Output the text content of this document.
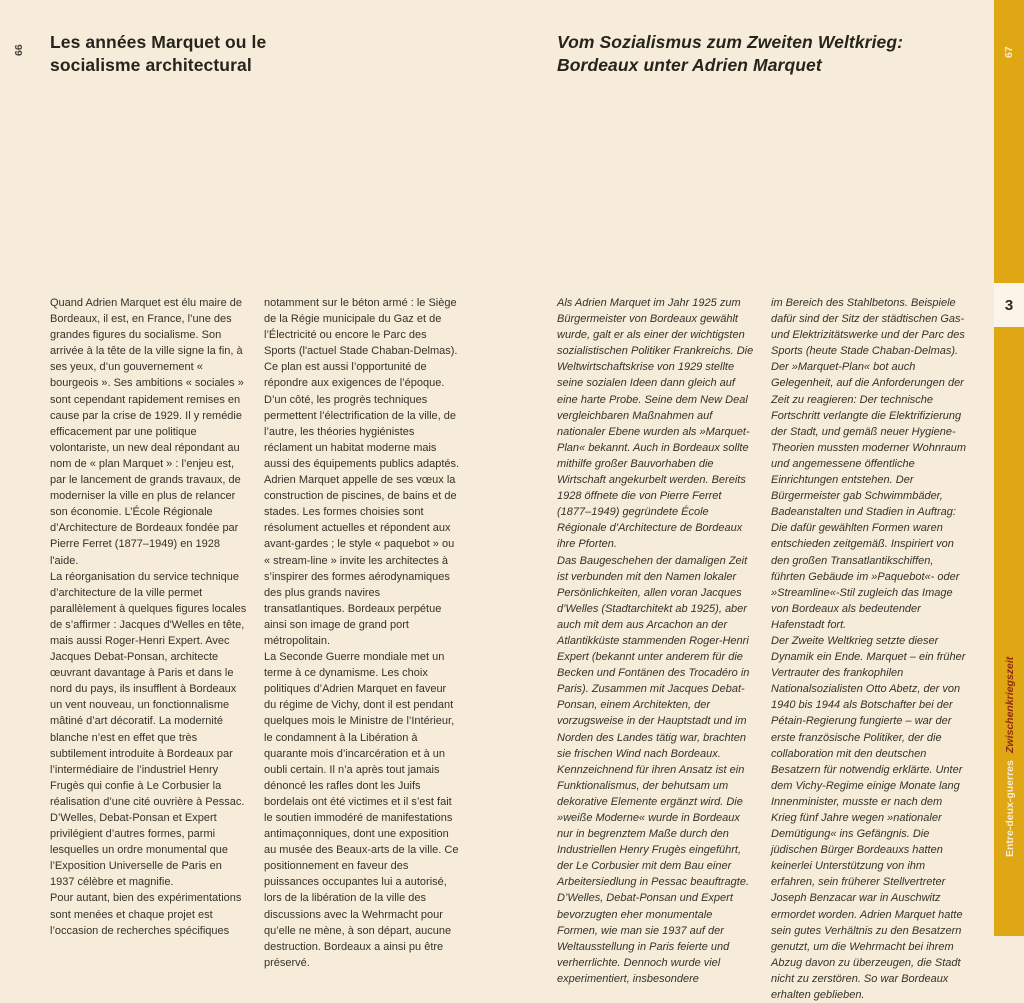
66 Les années Marquet ou le
socialisme architectural
Vom Sozialismus zum Zweiten Weltkrieg:
Bordeaux unter Adrien Marquet

Quand Adrien Marquet est élu maire de Bordeaux, il est, en France, l’une des grandes figures du socialisme. Son arrivée à la tête de la ville signe la fin, à ses yeux, d’un gouvernement « bourgeois ». Ses ambitions « sociales » sont cependant rapidement remises en cause par la crise de 1929. Il y remédie efficacement par une politique volontariste, un new deal répondant au nom de « plan Marquet » : l’enjeu est, par le lancement de grands travaux, de moderniser la ville en plus de relancer son économie. L’École Régionale d’Architecture de Bordeaux fondée par Pierre Ferret (1877–1949) en 1928 l'aide.

La réorganisation du service technique d’architecture de la ville permet parallèlement à quelques figures locales de s’affirmer : Jacques d'Welles en tête, mais aussi Roger-Henri Expert. Avec Jacques Debat-Ponsan, architecte œuvrant davantage à Paris et dans le nord du pays, ils insufflent à Bordeaux un vent nouveau, un fonctionnalisme mâtiné d’art décoratif. La modernité blanche n’est en effet que très subtilement introduite à Bordeaux par l’intermédiaire de l’industriel Henry Frugès qui confie à Le Corbusier la réalisation d’une cité ouvrière à Pessac. D’Welles, Debat-Ponsan et Expert privilégient d’autres formes, parmi lesquelles un ordre monumental que l’Exposition Universelle de Paris en 1937 célèbre et magnifie.

Pour autant, bien des expérimentations sont menées et chaque projet est l’occasion de recherches spécifiques

notamment sur le béton armé : le Siège de la Régie municipale du Gaz et de l’Électricité ou encore le Parc des Sports (l'actuel Stade Chaban-Delmas).

Ce plan est aussi l’opportunité de répondre aux exigences de l’époque. D’un côté, les progrès techniques permettent l’électrification de la ville, de l’autre, les théories hygiénistes réclament un habitat moderne mais aussi des équipements publics adaptés. Adrien Marquet appelle de ses vœux la construction de piscines, de bains et de stades. Les formes choisies sont résolument actuelles et répondent aux avant-gardes ; le style « paquebot » ou « stream-line » invite les architectes à s’inspirer des formes aérodynamiques des plus grands navires transatlantiques. Bordeaux perpétue ainsi son image de grand port métropolitain.

La Seconde Guerre mondiale met un terme à ce dynamisme. Les choix politiques d’Adrien Marquet en faveur du régime de Vichy, dont il est pendant quelques mois le Ministre de l’Intérieur, le condamnent à la Libération à quarante mois d’incarcération et à un oubli certain. Il n’a après tout jamais dénoncé les rafles dont les Juifs bordelais ont été victimes et il s’est fait le soutien immodéré de manifestations antimaçonniques, dont une exposition au musée des Beaux-arts de la ville. Ce positionnement en faveur des puissances occupantes lui a autorisé, lors de la libération de la ville des discussions avec la Wehrmacht pour qu’elle ne mène, à son départ, aucune destruction. Bordeaux a ainsi pu être préservé.

Als Adrien Marquet im Jahr 1925 zum Bürgermeister von Bordeaux gewählt wurde, galt er als einer der wichtigsten sozialistischen Politiker Frankreichs. Die Weltwirtschaftskrise von 1929 stellte seine sozialen Ideen dann gleich auf eine harte Probe. Seine dem New Deal vergleichbaren Maßnahmen auf nationaler Ebene wurden als »Marquet-Plan« bekannt. Auch in Bordeaux sollte mithilfe großer Bauvorhaben die Wirtschaft angekurbelt werden. Bereits 1928 öffnete die von Pierre Ferret (1877–1949) gegründete École Régionale d’Architecture de Bordeaux ihre Pforten.

Das Baugeschehen der damaligen Zeit ist verbunden mit den Namen lokaler Persönlichkeiten, allen voran Jacques d’Welles (Stadtarchitekt ab 1925), aber auch mit dem aus Arcachon an der Atlantikküste stammenden Roger-Henri Expert (bekannt unter anderem für die Becken und Fontänen des Trocadéro in Paris). Zusammen mit Jacques Debat-Ponsan, einem Architekten, der vorzugsweise in der Hauptstadt und im Norden des Landes tätig war, brachten sie frischen Wind nach Bordeaux. Kennzeichnend für ihren Ansatz ist ein Funktionalismus, der behutsam um dekorative Elemente ergänzt wird. Die »weiße Moderne« wurde in Bordeaux nur in begrenztem Maße durch den Industriellen Henry Frugès eingeführt, der Le Corbusier mit dem Bau einer Arbeitersiedlung in Pessac beauftragte. D’Welles, Debat-Ponsan und Expert bevorzugten eher monumentale Formen, wie man sie 1937 auf der Weltausstellung in Paris feierte und verherrlichte. Dennoch wurde viel experimentiert, insbesondere

im Bereich des Stahlbetons. Beispiele dafür sind der Sitz der städtischen Gas- und Elektrizitätswerke und der Parc des Sports (heute Stade Chaban-Delmas).

Der »Marquet-Plan« bot auch Gelegenheit, auf die Anforderungen der Zeit zu reagieren: Der technische Fortschritt verlangte die Elektrifizierung der Stadt, und gemäß neuer Hygiene-Theorien mussten moderner Wohnraum und angemessene öffentliche Einrichtungen entstehen. Der Bürgermeister gab Schwimmbäder, Badeanstalten und Stadien in Auftrag: Die dafür gewählten Formen waren entschieden zeitgemäß. Inspiriert von den großen Transatlantikschiffen, führten Gebäude im »Paquebot«- oder »Streamline«-Stil zugleich das Image von Bordeaux als bedeutender Hafenstadt fort.

Der Zweite Weltkrieg setzte dieser Dynamik ein Ende. Marquet – ein früher Vertrauter des frankophilen Nationalsozialisten Otto Abetz, der von 1940 bis 1944 als Botschafter bei der Pétain-Regierung fungierte – war der erste französische Politiker, der die collaboration mit den deutschen Besatzern für notwendig erklärte. Unter dem Vichy-Regime einige Monate lang Innenminister, musste er nach dem Krieg fünf Jahre wegen »nationaler Demütigung« ins Gefängnis. Die jüdischen Bürger Bordeauxs hatten keinerlei Unterstützung von ihm erfahren, sein früherer Stellvertreter Joseph Benzacar war in Auschwitz ermordet worden. Adrien Marquet hatte sein gutes Verhältnis zu den Besatzern genutzt, um die Wehrmacht bei ihrem Abzug davon zu überzeugen, die Stadt nicht zu zerstören. So war Bordeaux erhalten geblieben.

67
3
Zwischenkriegszeit
Entre-deux-guerres
